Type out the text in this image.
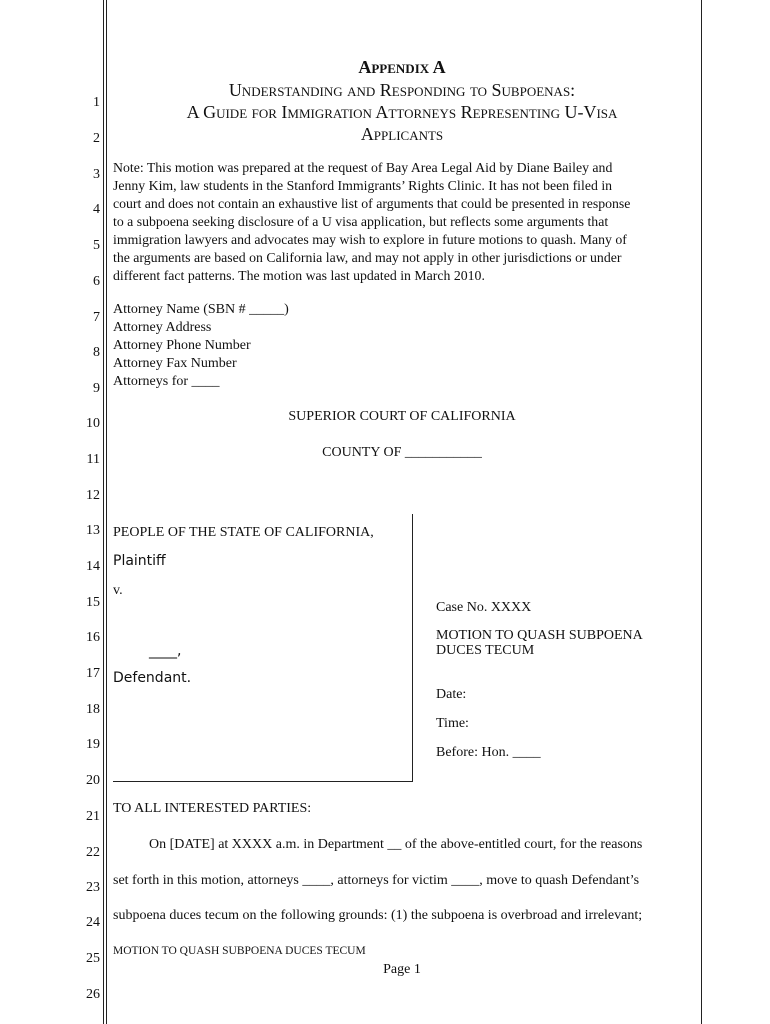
1
2
3
4
5
6
7
8
9
10
11
12
13
14
15
16
17
18
19
20
21
22
23
24
25
26
Appendix A
Understanding and Responding to Subpoenas:
A Guide for Immigration Attorneys Representing U-Visa
Applicants
Note: This motion was prepared at the request of Bay Area Legal Aid by Diane Bailey and
Jenny Kim, law students in the Stanford Immigrants’ Rights Clinic. It has not been filed in
court and does not contain an exhaustive list of arguments that could be presented in response
to a subpoena seeking disclosure of a U visa application, but reflects some arguments that
immigration lawyers and advocates may wish to explore in future motions to quash. Many of
the arguments are based on California law, and may not apply in other jurisdictions or under
different fact patterns. The motion was last updated in March 2010.
Attorney Name (SBN # _____)
Attorney Address
Attorney Phone Number
Attorney Fax Number
Attorneys for ____
SUPERIOR COURT OF CALIFORNIA
COUNTY OF ___________
PEOPLE OF THE STATE OF CALIFORNIA,
Plaintiff
v.
____,
Defendant.
Case No. XXXX
MOTION TO QUASH SUBPOENA
DUCES TECUM
Date:
Time:
Before: Hon. ____
TO ALL INTERESTED PARTIES:
On [DATE] at XXXX a.m. in Department __ of the above-entitled court, for the reasons
set forth in this motion, attorneys ____, attorneys for victim ____, move to quash Defendant’s
subpoena duces tecum on the following grounds: (1) the subpoena is overbroad and irrelevant;
MOTION TO QUASH SUBPOENA DUCES TECUM
Page 1
